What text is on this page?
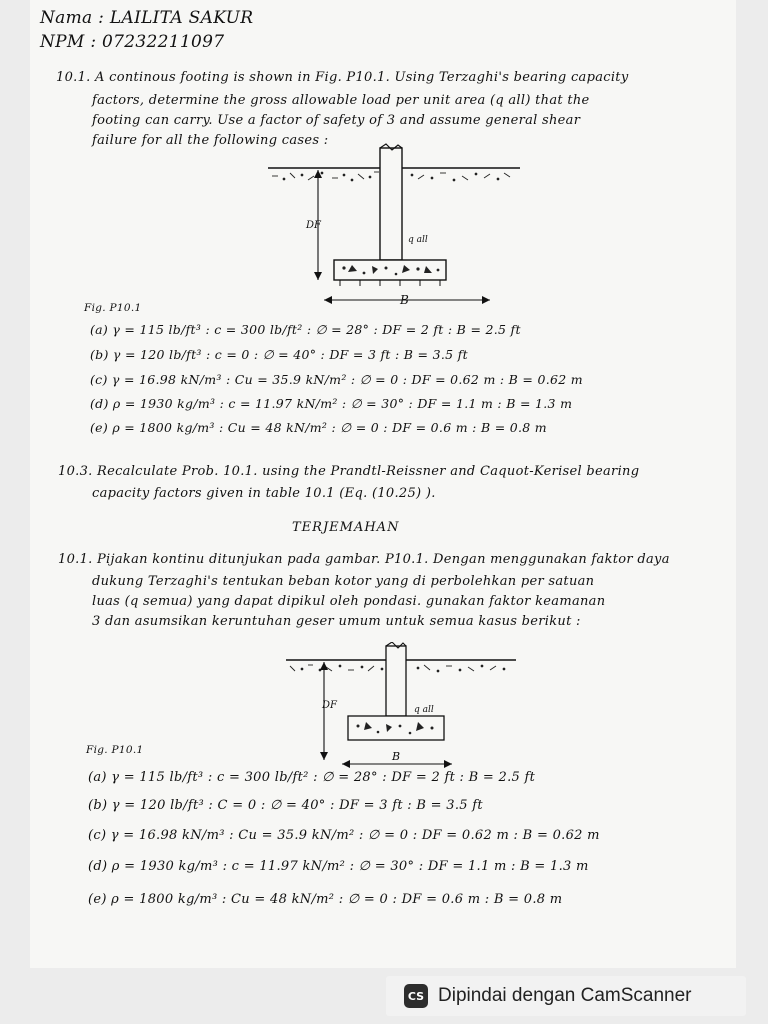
Nama : LAILITA SAKUR
NPM : 07232211097
10.1. A continous footing is shown in Fig. P10.1. Using Terzaghi's bearing capacity
factors, determine the gross allowable load per unit area (q all) that the
footing can carry. Use a factor of safety of 3 and assume general shear
failure for all the following cases :
DF
q all
B
Fig. P10.1
(a) γ = 115 lb/ft³ : c = 300 lb/ft² : ∅ = 28° : DF = 2 ft : B = 2.5 ft
(b) γ = 120 lb/ft³ : c = 0 : ∅ = 40° : DF = 3 ft : B = 3.5 ft
(c) γ = 16.98 kN/m³ : Cu = 35.9 kN/m² : ∅ = 0 : DF = 0.62 m : B = 0.62 m
(d) ρ = 1930 kg/m³ : c = 11.97 kN/m² : ∅ = 30° : DF = 1.1 m : B = 1.3 m
(e) ρ = 1800 kg/m³ : Cu = 48 kN/m² : ∅ = 0 : DF = 0.6 m : B = 0.8 m
10.3. Recalculate Prob. 10.1. using the Prandtl-Reissner and Caquot-Kerisel bearing
capacity factors given in table 10.1 (Eq. (10.25) ).
TERJEMAHAN
10.1. Pijakan kontinu ditunjukan pada gambar. P10.1. Dengan menggunakan faktor daya
dukung Terzaghi's tentukan beban kotor yang di perbolehkan per satuan
luas (q semua) yang dapat dipikul oleh pondasi. gunakan faktor keamanan
3 dan asumsikan keruntuhan geser umum untuk semua kasus berikut :
DF	q all
B
Fig. P10.1
(a) γ = 115 lb/ft³ : c = 300 lb/ft² : ∅ = 28° : DF = 2 ft : B = 2.5 ft
(b) γ = 120 lb/ft³ : C = 0 : ∅ = 40° : DF = 3 ft : B = 3.5 ft
(c) γ = 16.98 kN/m³ : Cu = 35.9 kN/m² : ∅ = 0 : DF = 0.62 m : B = 0.62 m
(d) ρ = 1930 kg/m³ : c = 11.97 kN/m² : ∅ = 30° : DF = 1.1 m : B = 1.3 m
(e) ρ = 1800 kg/m³ : Cu = 48 kN/m² : ∅ = 0 : DF = 0.6 m : B = 0.8 m
CS Dipindai dengan CamScanner
